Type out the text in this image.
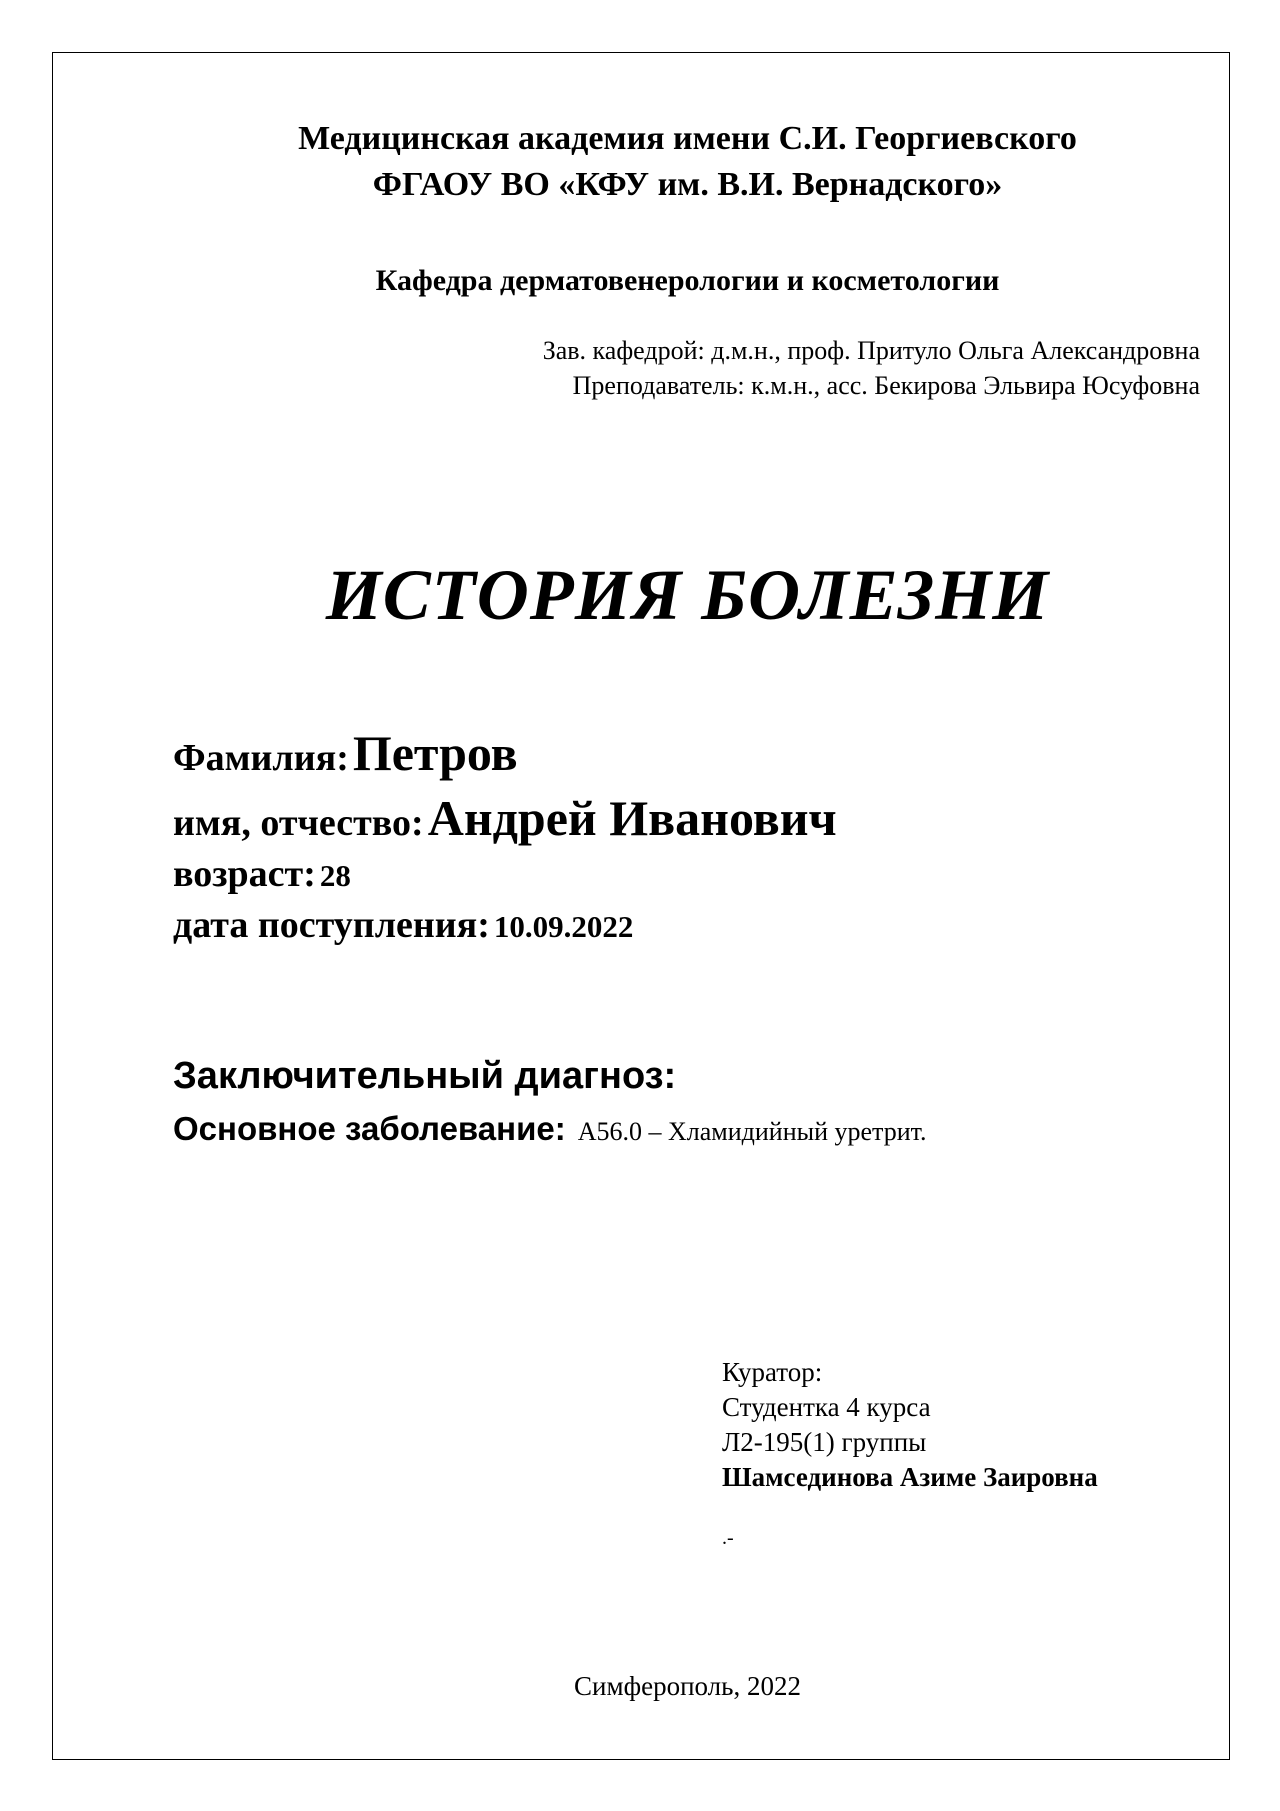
Медицинская академия имени С.И. Георгиевского
ФГАОУ ВО «КФУ им. В.И. Вернадского»
Кафедра дерматовенерологии и косметологии
Зав. кафедрой: д.м.н., проф. Притуло Ольга Александровна
Преподаватель: к.м.н., асс. Бекирова Эльвира Юсуфовна
ИСТОРИЯ БОЛЕЗНИ
Фамилия: Петров
имя, отчество: Андрей Иванович
возраст: 28
дата поступления: 10.09.2022
Заключительный диагноз:
Основное заболевание: А56.0 – Хламидийный уретрит.
Куратор:
Студентка 4 курса
Л2-195(1) группы
Шамсединова Азиме Заировна
.-
Симферополь, 2022
